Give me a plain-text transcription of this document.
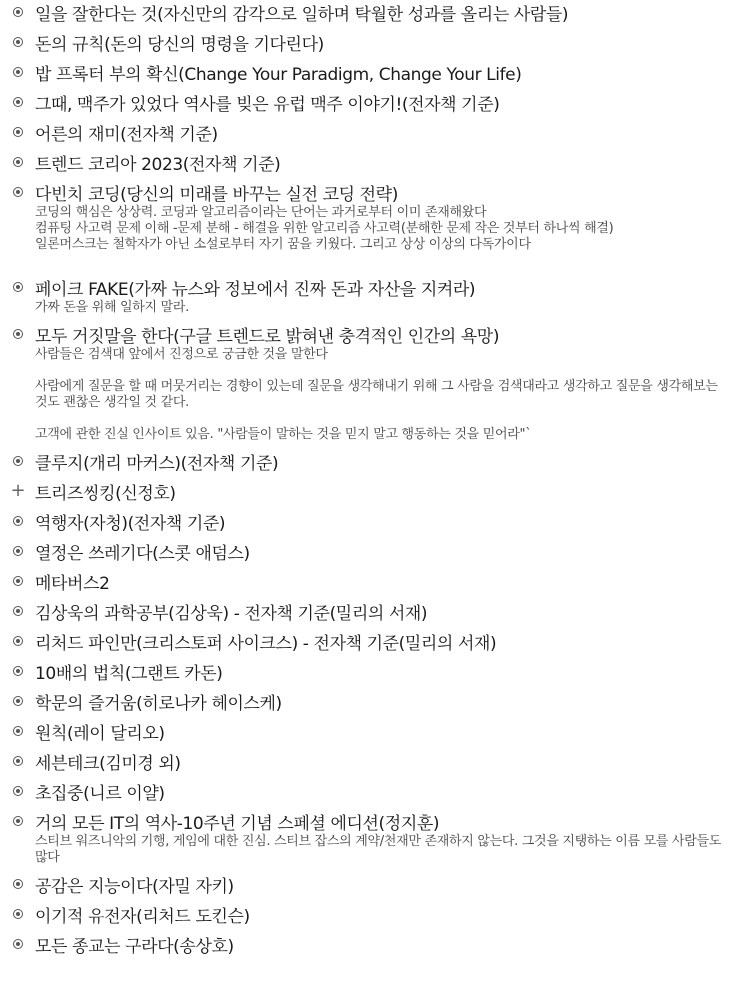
일을 잘한다는 것(자신만의 감각으로 일하며 탁월한 성과를 올리는 사람들)
돈의 규칙(돈의 당신의 명령을 기다린다)
밥 프록터 부의 확신(Change Your Paradigm, Change Your Life)
그때, 맥주가 있었다 역사를 빚은 유럽 맥주 이야기!(전자책 기준)
어른의 재미(전자책 기준)
트렌드 코리아 2023(전자책 기준)
다빈치 코딩(당신의 미래를 바꾸는 실전 코딩 전략)
코딩의 핵심은 상상력. 코딩과 알고리즘이라는 단어는 과거로부터 이미 존재해왔다
컴퓨팅 사고력 문제 이해 -문제 분해 - 해결을 위한 알고리즘 사고력(분해한 문제 작은 것부터 하나씩 해결)
일론머스크는 철학자가 아닌 소설로부터 자기 꿈을 키웠다. 그리고 상상 이상의 다독가이다
페이크 FAKE(가짜 뉴스와 정보에서 진짜 돈과 자산을 지켜라)
가짜 돈을 위해 일하지 말라.
모두 거짓말을 한다(구글 트렌드로 밝혀낸 충격적인 인간의 욕망)
사람들은 검색대 앞에서 진정으로 궁금한 것을 말한다
사람에게 질문을 할 때 머뭇거리는 경향이 있는데 질문을 생각해내기 위해 그 사람을 검색대라고 생각하고 질문을 생각해보는 것도 괜찮은 생각일 것 같다.
고객에 관한 진실 인사이트 있음. "사람들이 말하는 것을 믿지 말고 행동하는 것을 믿어라"`
클루지(개리 마커스)(전자책 기준)
+ 트리즈씽킹(신정호)
역행자(자청)(전자책 기준)
열정은 쓰레기다(스콧 애덤스)
메타버스2
김상욱의 과학공부(김상욱) - 전자책 기준(밀리의 서재)
리처드 파인만(크리스토퍼 사이크스) - 전자책 기준(밀리의 서재)
10배의 법칙(그랜트 카돈)
학문의 즐거움(히로나카 헤이스케)
원칙(레이 달리오)
세븐테크(김미경 외)
초집중(니르 이얄)
거의 모든 IT의 역사-10주년 기념 스페셜 에디션(정지훈)
스티브 워즈니악의 기행, 게임에 대한 진심. 스티브 잡스의 계약/천재만 존재하지 않는다. 그것을 지탱하는 이름 모를 사람들도 많다
공감은 지능이다(자밀 자키)
이기적 유전자(리처드 도킨슨)
모든 종교는 구라다(송상호)
